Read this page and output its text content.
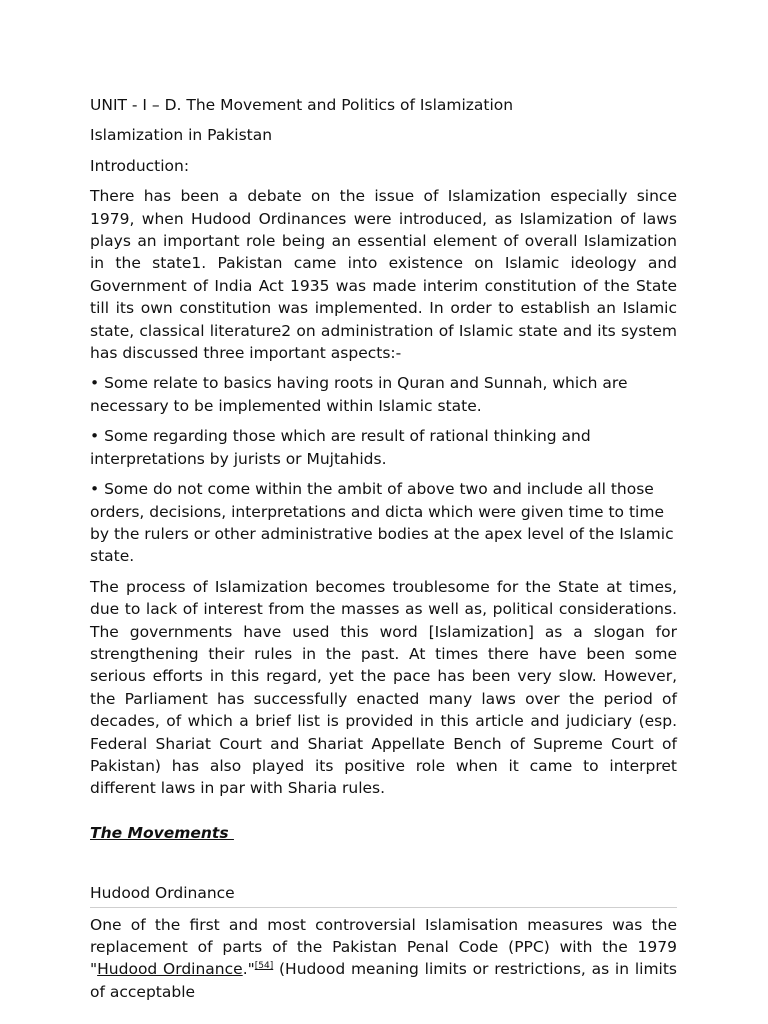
UNIT - I – D. The Movement and Politics of Islamization
Islamization in Pakistan
Introduction:

There has been a debate on the issue of Islamization especially since 1979, when Hudood Ordinances were introduced, as Islamization of laws plays an important role being an essential element of overall Islamization in the state1. Pakistan came into existence on Islamic ideology and Government of India Act 1935 was made interim constitution of the State till its own constitution was implemented. In order to establish an Islamic state, classical literature2 on administration of Islamic state and its system has discussed three important aspects:-

• Some relate to basics having roots in Quran and Sunnah, which are necessary to be implemented within Islamic state.

• Some regarding those which are result of rational thinking and interpretations by jurists or Mujtahids.

• Some do not come within the ambit of above two and include all those orders, decisions, interpretations and dicta which were given time to time by the rulers or other administrative bodies at the apex level of the Islamic state.

The process of Islamization becomes troublesome for the State at times, due to lack of interest from the masses as well as, political considerations. The governments have used this word [Islamization] as a slogan for strengthening their rules in the past. At times there have been some serious efforts in this regard, yet the pace has been very slow. However, the Parliament has successfully enacted many laws over the period of decades, of which a brief list is provided in this article and judiciary (esp. Federal Shariat Court and Shariat Appellate Bench of Supreme Court of Pakistan) has also played its positive role when it came to interpret different laws in par with Sharia rules.

The Movements
Hudood Ordinance

One of the first and most controversial Islamisation measures was the replacement of parts of the Pakistan Penal Code (PPC) with the 1979 "Hudood Ordinance."[54] (Hudood meaning limits or restrictions, as in limits of acceptable
